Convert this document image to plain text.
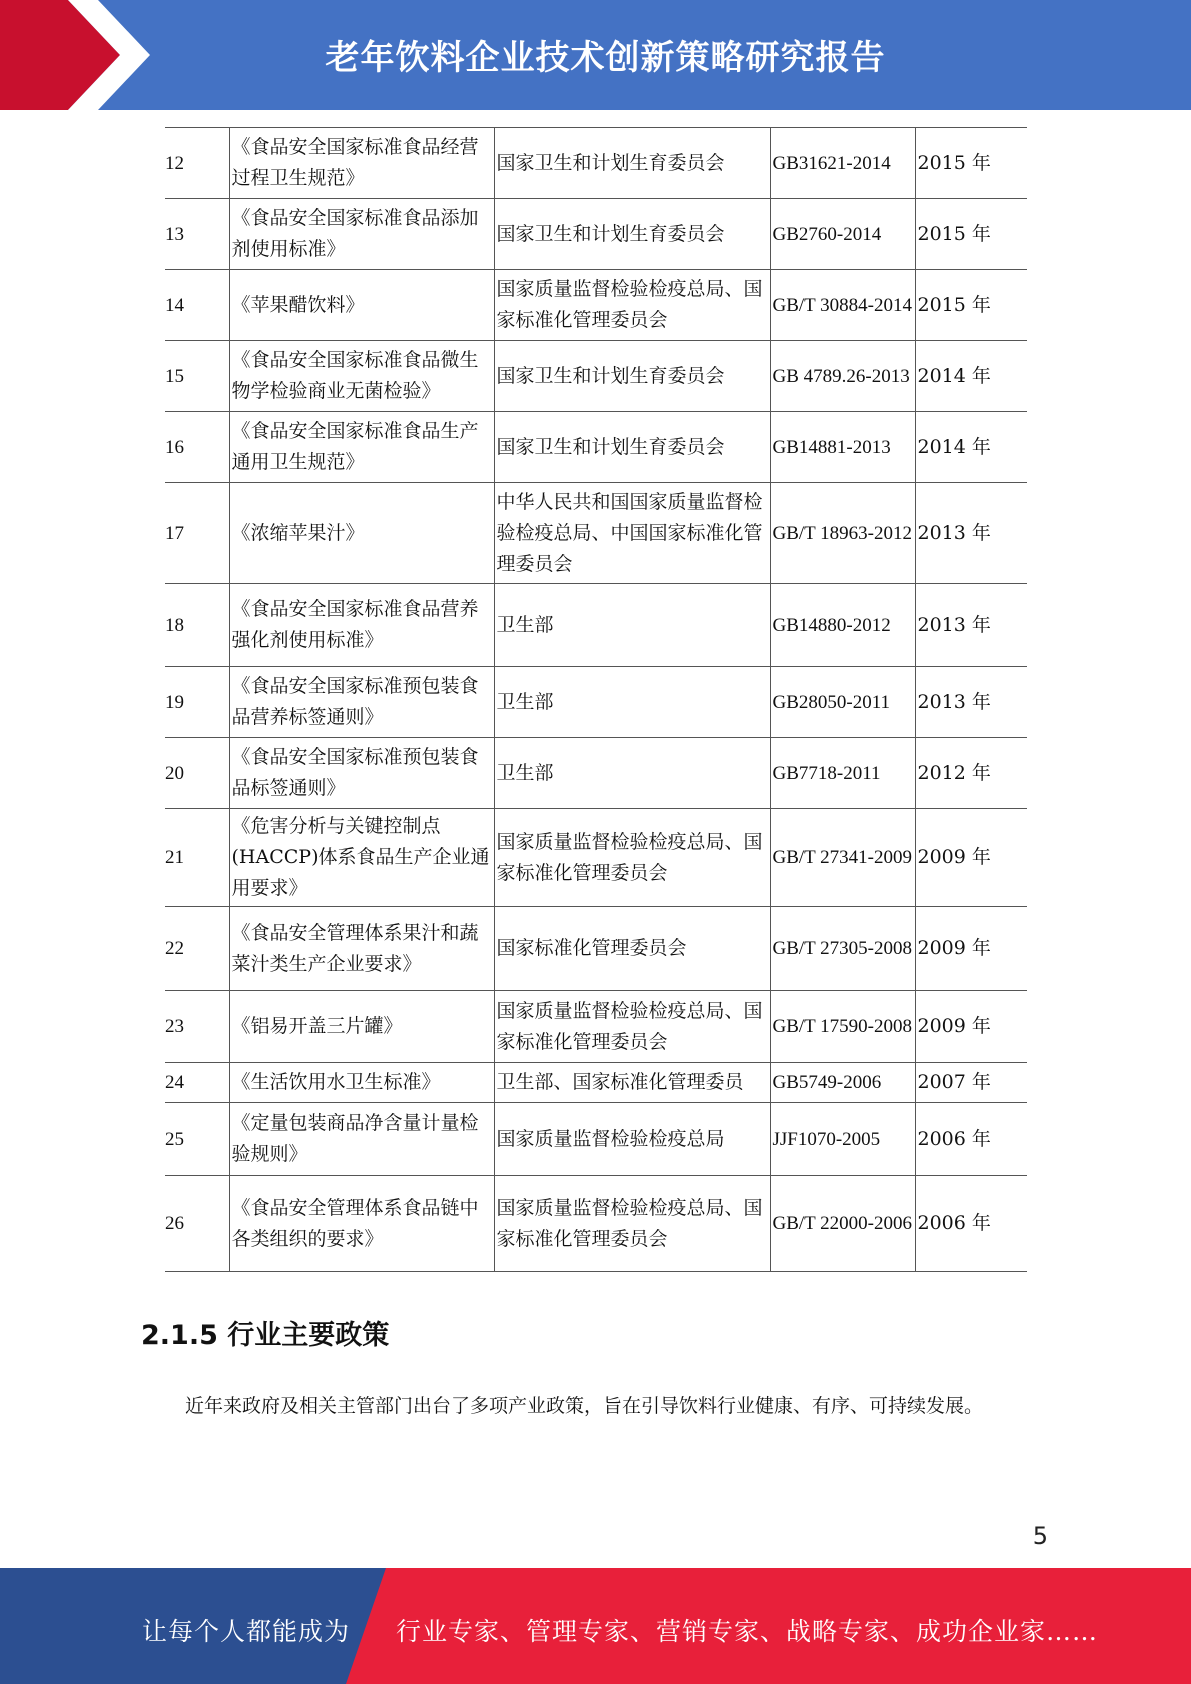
老年饮料企业技术创新策略研究报告
12	《食品安全国家标准食品经营过程卫生规范》	国家卫生和计划生育委员会	GB31621-2014	2015 年
13	《食品安全国家标准食品添加剂使用标准》	国家卫生和计划生育委员会	GB2760-2014	2015 年
14	《苹果醋饮料》	国家质量监督检验检疫总局、国家标准化管理委员会	GB/T 30884-2014	2015 年
15	《食品安全国家标准食品微生物学检验商业无菌检验》	国家卫生和计划生育委员会	GB 4789.26-2013	2014 年
16	《食品安全国家标准食品生产通用卫生规范》	国家卫生和计划生育委员会	GB14881-2013	2014 年
17	《浓缩苹果汁》	中华人民共和国国家质量监督检验检疫总局、中国国家标准化管理委员会	GB/T 18963-2012	2013 年
18	《食品安全国家标准食品营养强化剂使用标准》	卫生部	GB14880-2012	2013 年
19	《食品安全国家标准预包装食品营养标签通则》	卫生部	GB28050-2011	2013 年
20	《食品安全国家标准预包装食品标签通则》	卫生部	GB7718-2011	2012 年
21	《危害分析与关键控制点(HACCP)体系食品生产企业通用要求》	国家质量监督检验检疫总局、国家标准化管理委员会	GB/T 27341-2009	2009 年
22	《食品安全管理体系果汁和蔬菜汁类生产企业要求》	国家标准化管理委员会	GB/T 27305-2008	2009 年
23	《铝易开盖三片罐》	国家质量监督检验检疫总局、国家标准化管理委员会	GB/T 17590-2008	2009 年
24	《生活饮用水卫生标准》	卫生部、国家标准化管理委员	GB5749-2006	2007 年
25	《定量包装商品净含量计量检验规则》	国家质量监督检验检疫总局	JJF1070-2005	2006 年
26	《食品安全管理体系食品链中各类组织的要求》	国家质量监督检验检疫总局、国家标准化管理委员会	GB/T 22000-2006	2006 年
2.1.5 行业主要政策

近年来政府及相关主管部门出台了多项产业政策，旨在引导饮料行业健康、有序、可持续发展。

5
让每个人都能成为 行业专家、管理专家、营销专家、战略专家、成功企业家……
